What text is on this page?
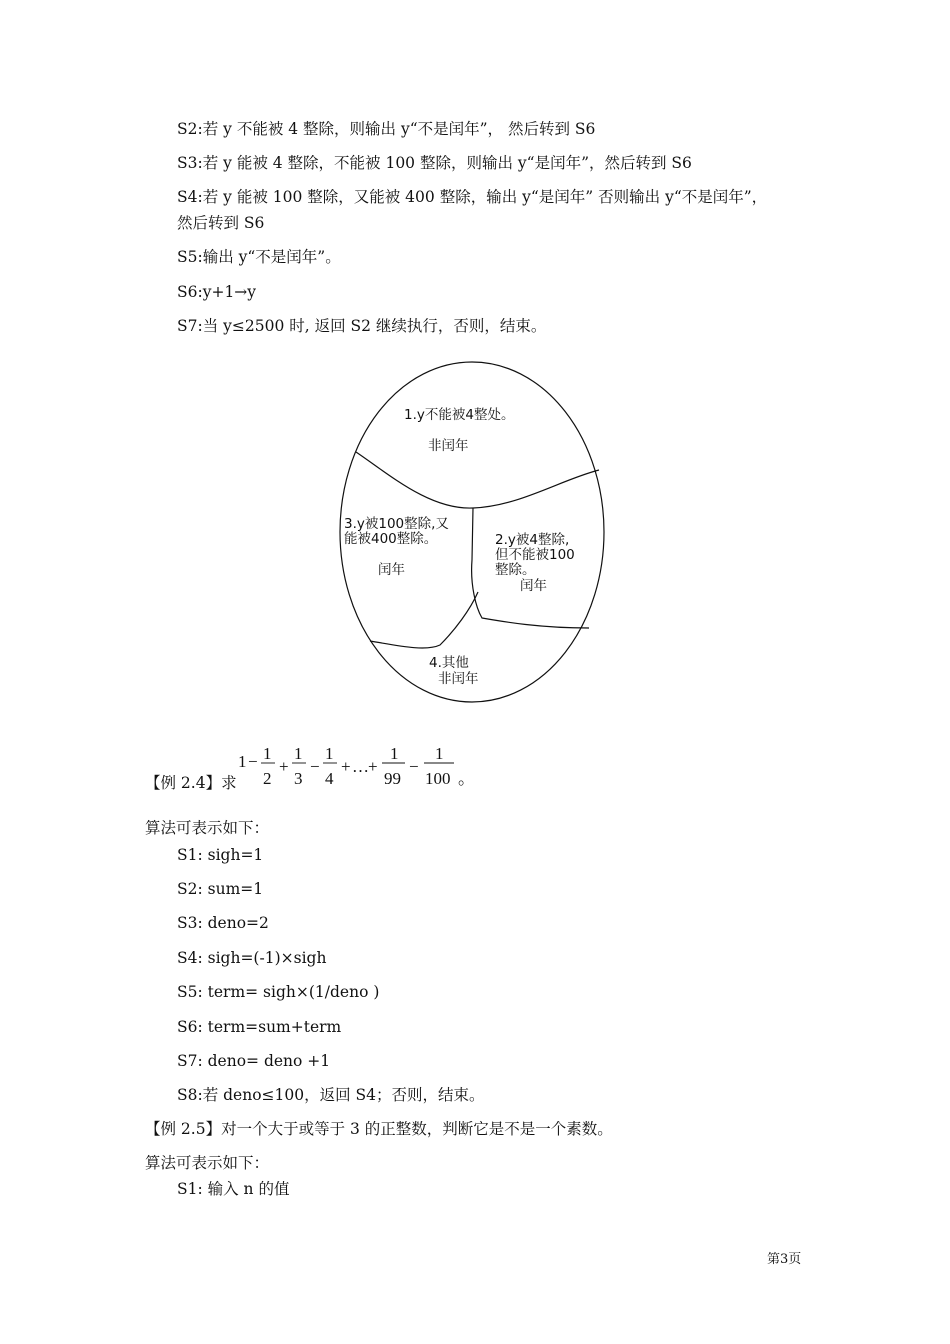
S2:若 y 不能被 4 整除，则输出 y“不是闰年”， 然后转到 S6
S3:若 y 能被 4 整除，不能被 100 整除，则输出 y“是闰年”，然后转到 S6
S4:若 y 能被 100 整除，又能被 400 整除，输出 y“是闰年” 否则输出 y“不是闰年”，
然后转到 S6
S5:输出 y“不是闰年”。
S6:y+1→y
S7:当 y≤2500 时, 返回 S2 继续执行，否则，结束。
1.y不能被4整处。
非闰年
3.y被100整除,又
能被400整除。
闰年
2.y被4整除,
但不能被100
整除。
闰年
4.其他
非闰年
【例 2.4】求
1 − 1
2
+
1
3
−
1
4
+ … +
1
99
−
1
100 。
算法可表示如下：
S1: sigh=1
S2: sum=1
S3: deno=2
S4: sigh=(-1)×sigh
S5: term= sigh×(1/deno )
S6: term=sum+term
S7: deno= deno +1
S8:若 deno≤100，返回 S4；否则，结束。
【例 2.5】对一个大于或等于 3 的正整数，判断它是不是一个素数。
算法可表示如下：
S1: 输入 n 的值
第3页
